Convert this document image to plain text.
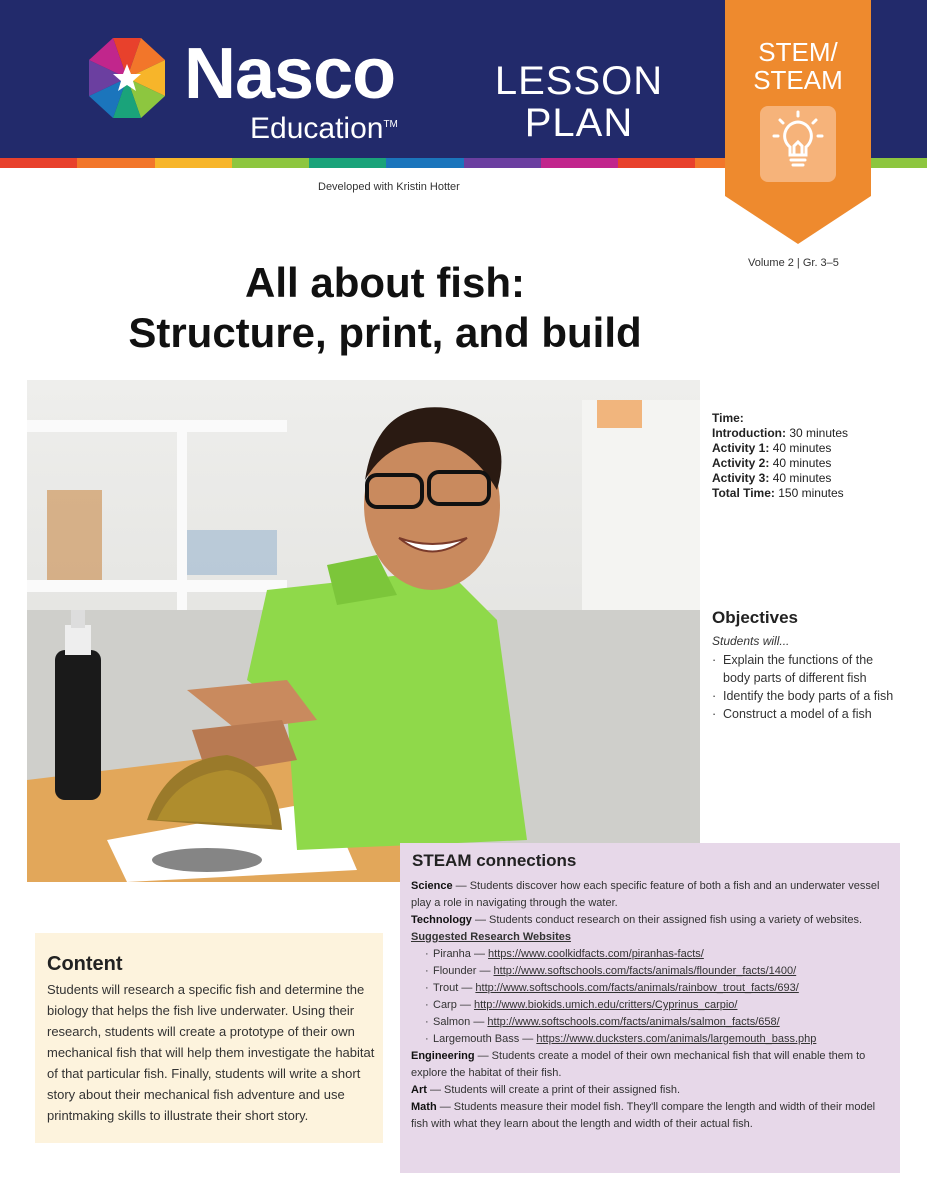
Nasco
Education™
LESSON
PLAN
STEM/
STEAM
Developed with Kristin Hotter
Volume 2 | Gr. 3–5
All about fish:
Structure, print, and build
Time:
Introduction: 30 minutes
Activity 1: 40 minutes
Activity 2: 40 minutes
Activity 3: 40 minutes
Total Time: 150 minutes
Objectives
Students will...
· Explain the functions of the body parts of different fish
· Identify the body parts of a fish
· Construct a model of a fish
Content
Students will research a specific fish and determine the biology that helps the fish live underwater. Using their research, students will create a prototype of their own mechanical fish that will help them investigate the habitat of that particular fish. Finally, students will write a short story about their mechanical fish adventure and use printmaking skills to illustrate their short story.
STEAM connections

Science — Students discover how each specific feature of both a fish and an underwater vessel play a role in navigating through the water.

Technology — Students conduct research on their assigned fish using a variety of websites.

Suggested Research Websites

· Piranha — https://www.coolkidfacts.com/piranhas-facts/
· Flounder — http://www.softschools.com/facts/animals/flounder_facts/1400/
· Trout — http://www.softschools.com/facts/animals/rainbow_trout_facts/693/
· Carp — http://www.biokids.umich.edu/critters/Cyprinus_carpio/
· Salmon — http://www.softschools.com/facts/animals/salmon_facts/658/
· Largemouth Bass — https://www.ducksters.com/animals/largemouth_bass.php

Engineering — Students create a model of their own mechanical fish that will enable them to explore the habitat of their fish.

Art — Students will create a print of their assigned fish.

Math — Students measure their model fish. They'll compare the length and width of their model fish with what they learn about the length and width of their actual fish.
